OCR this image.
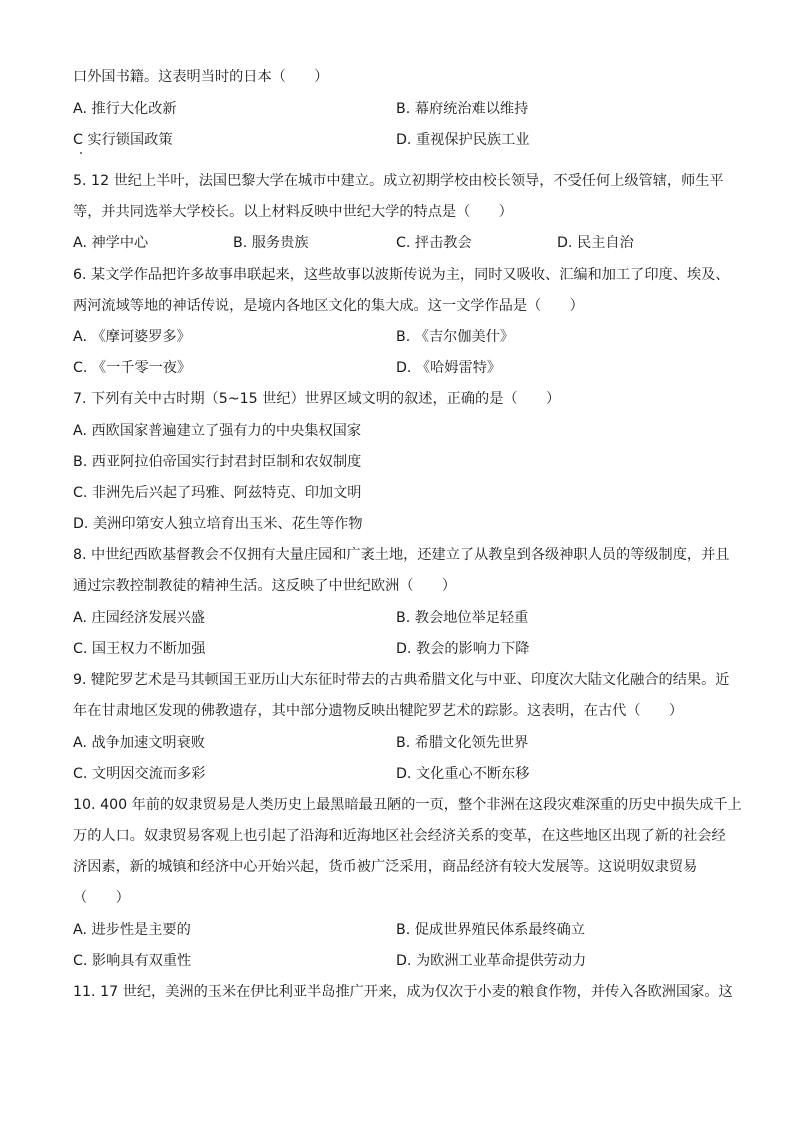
口外国书籍。这表明当时的日本（　　）
A. 推行大化改新	B. 幕府统治难以维持
C 实行锁国政策	D. 重视保护民族工业
5. 12 世纪上半叶，法国巴黎大学在城市中建立。成立初期学校由校长领导，不受任何上级管辖，师生平
等，并共同选举大学校长。以上材料反映中世纪大学的特点是（　　）
A. 神学中心	B. 服务贵族	C. 抨击教会	D. 民主自治
6. 某文学作品把许多故事串联起来，这些故事以波斯传说为主，同时又吸收、汇编和加工了印度、埃及、
两河流域等地的神话传说，是境内各地区文化的集大成。这一文学作品是（　　）
A. 《摩诃婆罗多》	B. 《吉尔伽美什》
C. 《一千零一夜》	D. 《哈姆雷特》
7. 下列有关中古时期（5~15 世纪）世界区域文明的叙述，正确的是（　　）
A. 西欧国家普遍建立了强有力的中央集权国家
B. 西亚阿拉伯帝国实行封君封臣制和农奴制度
C. 非洲先后兴起了玛雅、阿兹特克、印加文明
D. 美洲印第安人独立培育出玉米、花生等作物
8. 中世纪西欧基督教会不仅拥有大量庄园和广袤土地，还建立了从教皇到各级神职人员的等级制度，并且
通过宗教控制教徒的精神生活。这反映了中世纪欧洲（　　）
A. 庄园经济发展兴盛	B. 教会地位举足轻重
C. 国王权力不断加强	D. 教会的影响力下降
9. 犍陀罗艺术是马其顿国王亚历山大东征时带去的古典希腊文化与中亚、印度次大陆文化融合的结果。近
年在甘肃地区发现的佛教遗存，其中部分遗物反映出犍陀罗艺术的踪影。这表明，在古代（　　）
A. 战争加速文明衰败	B. 希腊文化领先世界
C. 文明因交流而多彩	D. 文化重心不断东移
10. 400 年前的奴隶贸易是人类历史上最黑暗最丑陋的一页，整个非洲在这段灾难深重的历史中损失成千上
万的人口。奴隶贸易客观上也引起了沿海和近海地区社会经济关系的变革，在这些地区出现了新的社会经
济因素，新的城镇和经济中心开始兴起，货币被广泛采用，商品经济有较大发展等。这说明奴隶贸易
（　　）
A. 进步性是主要的	B. 促成世界殖民体系最终确立
C. 影响具有双重性	D. 为欧洲工业革命提供劳动力
11. 17 世纪，美洲的玉米在伊比利亚半岛推广开来，成为仅次于小麦的粮食作物，并传入各欧洲国家。这
